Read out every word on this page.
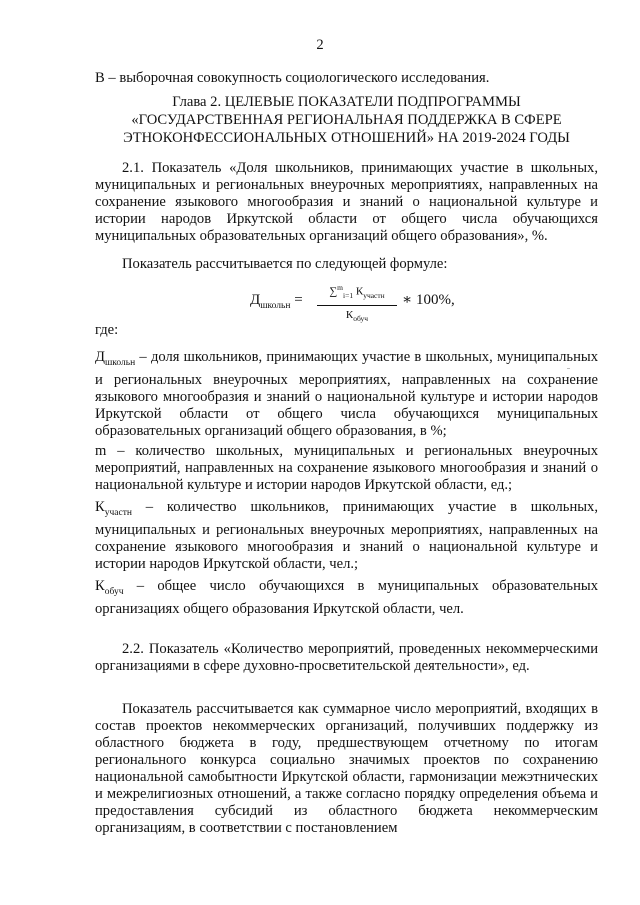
2
В – выборочная совокупность социологического исследования.
Глава 2. ЦЕЛЕВЫЕ ПОКАЗАТЕЛИ ПОДПРОГРАММЫ
«ГОСУДАРСТВЕННАЯ РЕГИОНАЛЬНАЯ ПОДДЕРЖКА В СФЕРЕ
ЭТНОКОНФЕССИОНАЛЬНЫХ ОТНОШЕНИЙ» НА 2019-2024 ГОДЫ
2.1. Показатель «Доля школьников, принимающих участие в школьных, муниципальных и региональных внеурочных мероприятиях, направленных на сохранение языкового многообразия и знаний о национальной культуре и истории народов Иркутской области от общего числа обучающихся муниципальных образовательных организаций общего образования», %.
Показатель рассчитывается по следующей формуле:
$Д_{школьн}$ =
∑$^m_{i=1}$ $К_{участн}$
$К_{обуч}$
∗ 100%,
где:
$Д_{школьн}$ – доля школьников, принимающих участие в школьных, муниципальных и региональных внеурочных мероприятиях, направленных на сохранение языкового многообразия и знаний о национальной культуре и истории народов Иркутской области от общего числа обучающихся муниципальных образовательных организаций общего образования, в %;
m – количество школьных, муниципальных и региональных внеурочных мероприятий, направленных на сохранение языкового многообразия и знаний о национальной культуре и истории народов Иркутской области, ед.;
$К_{участн}$ – количество школьников, принимающих участие в школьных, муниципальных и региональных внеурочных мероприятиях, направленных на сохранение языкового многообразия и знаний о национальной культуре и истории народов Иркутской области, чел.;
$К_{обуч}$ – общее число обучающихся в муниципальных образовательных организациях общего образования Иркутской области, чел.
2.2. Показатель «Количество мероприятий, проведенных некоммерческими организациями в сфере духовно-просветительской деятельности», ед.
Показатель рассчитывается как суммарное число мероприятий, входящих в состав проектов некоммерческих организаций, получивших поддержку из областного бюджета в году, предшествующем отчетному по итогам регионального конкурса социально значимых проектов по сохранению национальной самобытности Иркутской области, гармонизации межэтнических и межрелигиозных отношений, а также согласно порядку определения объема и предоставления субсидий из областного бюджета некоммерческим организациям, в соответствии с постановлением
